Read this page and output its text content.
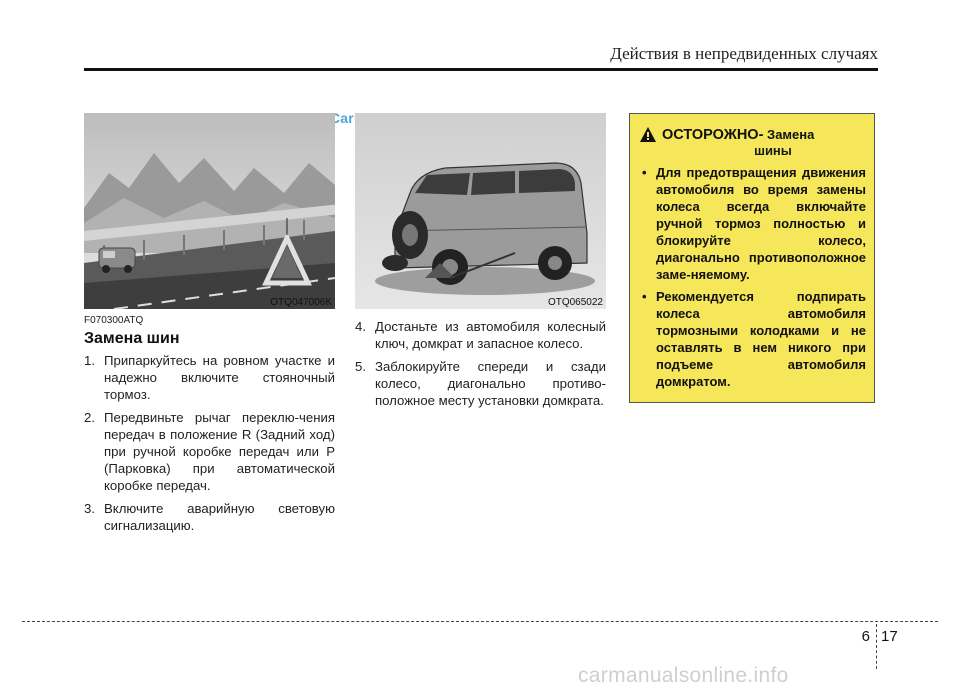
Действия в непредвиденных случаях
OTQ047006K	OTQ065022
F070300ATQ
Замена шин
1. Припаркуйтесь на ровном участке и надежно включите стояночный тормоз.
2. Передвиньте рычаг переклю-чения передач в положение R (Задний ход) при ручной коробке передач или P (Парковка) при автоматической коробке передач.
3. Включите аварийную световую сигнализацию.
4. Достаньте из автомобиля колесный ключ, домкрат и запасное колесо.
5. Заблокируйте спереди и сзади колесо, диагонально противо-положное месту установки домкрата.
ОСТОРОЖНО- Замена
шины
• Для предотвращения движения автомобиля во время замены колеса всегда включайте ручной тормоз полностью и блокируйте колесо, диагонально противоположное заме-няемому.
• Рекомендуется подпирать колеса автомобиля тормозными колодками и не оставлять в нем никого при подъеме автомобиля домкратом.
6 17
carmanualsonline.info
